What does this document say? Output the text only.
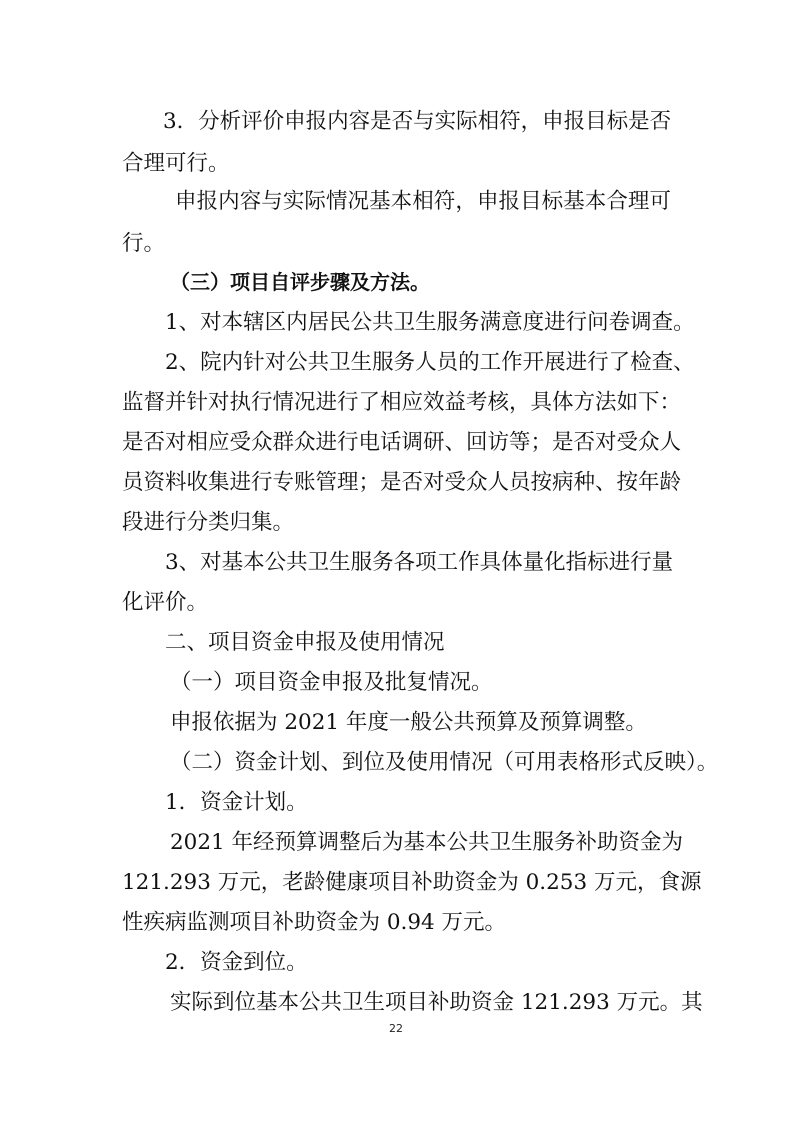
3．分析评价申报内容是否与实际相符，申报目标是否
合理可行。
申报内容与实际情况基本相符，申报目标基本合理可
行。
（三）项目自评步骤及方法。
1、对本辖区内居民公共卫生服务满意度进行问卷调查。
2、院内针对公共卫生服务人员的工作开展进行了检查、
监督并针对执行情况进行了相应效益考核，具体方法如下：
是否对相应受众群众进行电话调研、回访等；是否对受众人
员资料收集进行专账管理；是否对受众人员按病种、按年龄
段进行分类归集。
3、对基本公共卫生服务各项工作具体量化指标进行量
化评价。
二、项目资金申报及使用情况
（一）项目资金申报及批复情况。
申报依据为 2021 年度一般公共预算及预算调整。
（二）资金计划、到位及使用情况（可用表格形式反映）。
1．资金计划。
2021 年经预算调整后为基本公共卫生服务补助资金为
121.293 万元，老龄健康项目补助资金为 0.253 万元，食源
性疾病监测项目补助资金为 0.94 万元。
2．资金到位。
实际到位基本公共卫生项目补助资金 121.293 万元。其
22
